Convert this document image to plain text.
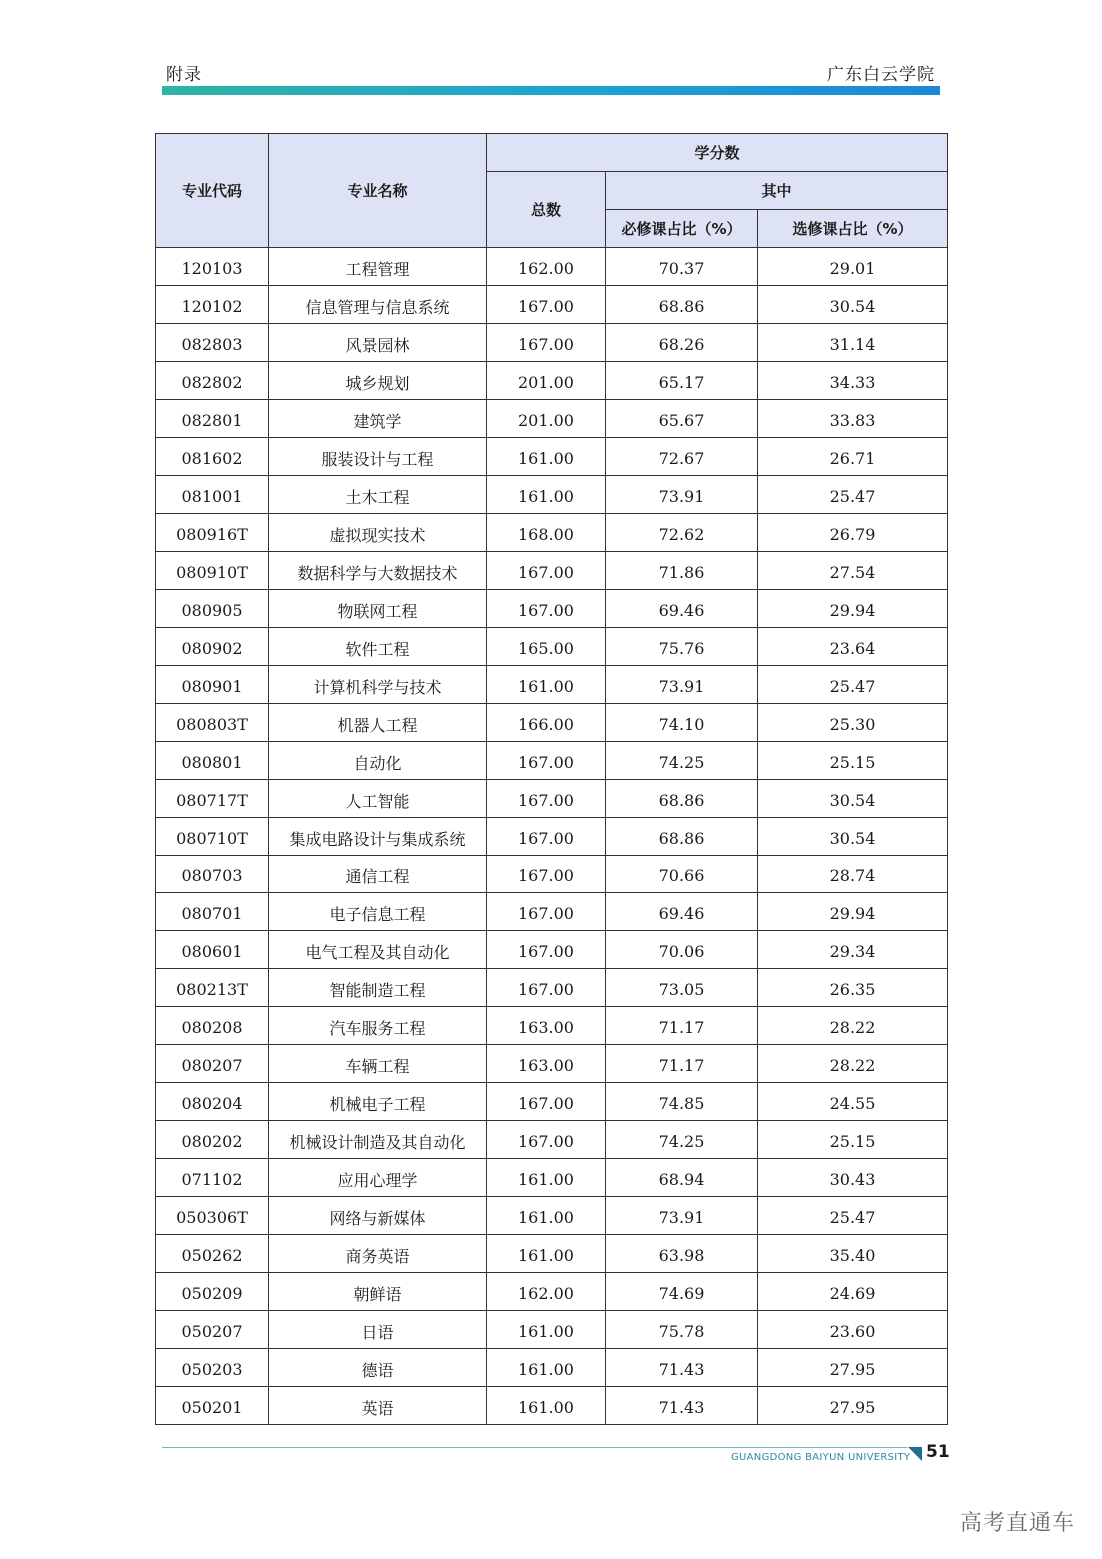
附录	广东白云学院
专业代码	专业名称	学分数		
		总数	其中	
			必修课占比（%）	选修课占比（%）
120103	工程管理	162.00	70.37	29.01
120102	信息管理与信息系统	167.00	68.86	30.54
082803	风景园林	167.00	68.26	31.14
082802	城乡规划	201.00	65.17	34.33
082801	建筑学	201.00	65.67	33.83
081602	服装设计与工程	161.00	72.67	26.71
081001	土木工程	161.00	73.91	25.47
080916T	虚拟现实技术	168.00	72.62	26.79
080910T	数据科学与大数据技术	167.00	71.86	27.54
080905	物联网工程	167.00	69.46	29.94
080902	软件工程	165.00	75.76	23.64
080901	计算机科学与技术	161.00	73.91	25.47
080803T	机器人工程	166.00	74.10	25.30
080801	自动化	167.00	74.25	25.15
080717T	人工智能	167.00	68.86	30.54
080710T	集成电路设计与集成系统	167.00	68.86	30.54
080703	通信工程	167.00	70.66	28.74
080701	电子信息工程	167.00	69.46	29.94
080601	电气工程及其自动化	167.00	70.06	29.34
080213T	智能制造工程	167.00	73.05	26.35
080208	汽车服务工程	163.00	71.17	28.22
080207	车辆工程	163.00	71.17	28.22
080204	机械电子工程	167.00	74.85	24.55
080202	机械设计制造及其自动化	167.00	74.25	25.15
071102	应用心理学	161.00	68.94	30.43
050306T	网络与新媒体	161.00	73.91	25.47
050262	商务英语	161.00	63.98	35.40
050209	朝鲜语	162.00	74.69	24.69
050207	日语	161.00	75.78	23.60
050203	德语	161.00	71.43	27.95
050201	英语	161.00	71.43	27.95
GUANGDONG BAIYUN UNIVERSITY 51
高考直通车
